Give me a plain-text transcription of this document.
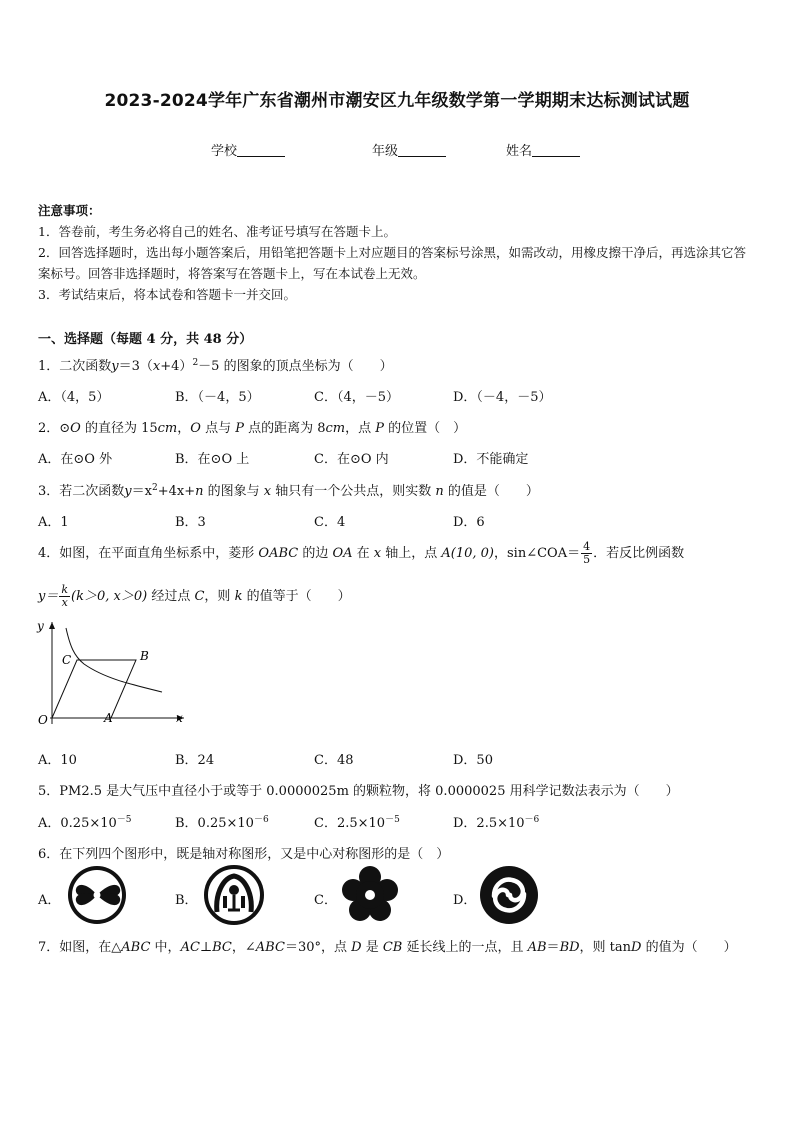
2023-2024学年广东省潮州市潮安区九年级数学第一学期期末达标测试试题
学校	年级	姓名
注意事项：
1．答卷前，考生务必将自己的姓名、准考证号填写在答题卡上。
2．回答选择题时，选出每小题答案后，用铅笔把答题卡上对应题目的答案标号涂黑，如需改动，用橡皮擦干净后，再选涂其它答案标号。回答非选择题时，将答案写在答题卡上，写在本试卷上无效。
3．考试结束后，将本试卷和答题卡一并交回。
一、选择题（每题 4 分，共 48 分）
1．二次函数$y=3(x+4)^2-5$ 的图象的顶点坐标为（　　）
A．（4，5）	B．（－4，5）	C．（4，－5）	D．（－4，－5）
2．⊙O 的直径为 15cm，O 点与 P 点的距离为 8cm，点 P 的位置（　）
A．在⊙O 外	B．在⊙O 上	C．在⊙O 内	D．不能确定
3．若二次函数$y=x^2+4x+n$ 的图象与 x 轴只有一个公共点，则实数 n 的值是（　　）
A．1	B．3	C．4	D．6
4．如图，在平面直角坐标系中，菱形 OABC 的边 OA 在 x 轴上，点 A(10, 0)，sin∠COA＝ $\frac{4}{5}$ ．若反比例函数
$y= \frac{k}{x} (k>0$, x＞0) 经过点 C，则 k 的值等于（　　）
y
x
O	A
B
C
A．10	B．24	C．48	D．50
5．PM2.5 是大气压中直径小于或等于 0.0000025m 的颗粒物，将 0.0000025 用科学记数法表示为（　　）
A．$0.25\times 10^{-5}$	B．$0.25\times 10^{-6}$	C．$2.5\times 10^{-5}$	D．$2.5\times 10^{-6}$
6．在下列四个图形中，既是轴对称图形，又是中心对称图形的是（　）
A．	B．	C．	D．
7．如图，在△ABC 中，AC⊥BC，∠ABC＝30°，点 D 是 CB 延长线上的一点，且 AB＝BD，则 tanD 的值为（　　）
